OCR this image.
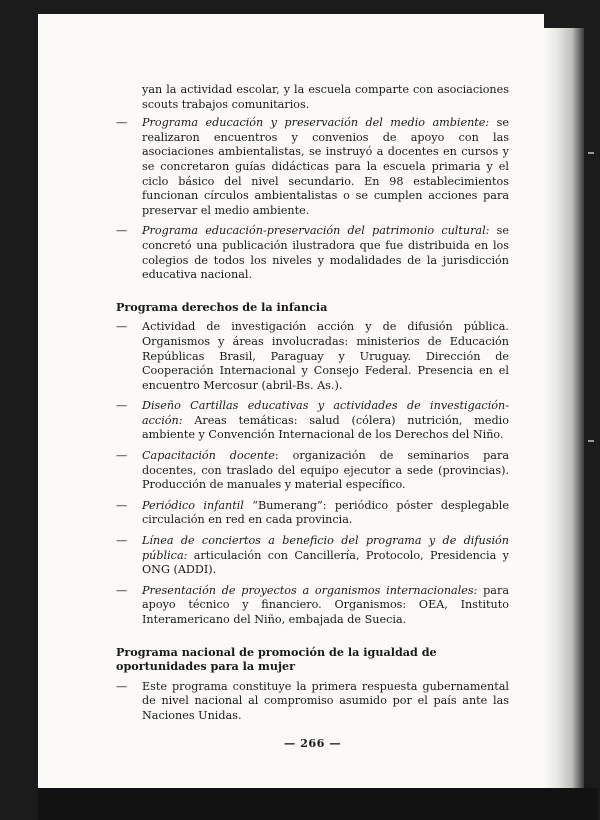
yan la actividad escolar, y la escuela comparte con asociaciones scouts trabajos comunitarios.

— Programa educación y preservación del medio ambiente: se realizaron encuentros y convenios de apoyo con las asociaciones ambientalistas, se instruyó a docentes en cursos y se concretaron guías didácticas para la escuela primaria y el ciclo básico del nivel secundario. En 98 establecimientos funcionan círculos ambientalistas o se cumplen acciones para preservar el medio ambiente.
— Programa educación-preservación del patrimonio cultural: se concretó una publicación ilustradora que fue distribuida en los colegios de todos los niveles y modalidades de la jurisdicción educativa nacional.
Programa derechos de la infancia
— Actividad de investigación acción y de difusión pública. Organismos y áreas involucradas: ministerios de Educación Repúblicas Brasil, Paraguay y Uruguay. Dirección de Cooperación Internacional y Consejo Federal. Presencia en el encuentro Mercosur (abril-Bs. As.).
— Diseño Cartillas educativas y actividades de investigación-acción: Areas temáticas: salud (cólera) nutrición, medio ambiente y Convención Internacional de los Derechos del Niño.
— Capacitación docente: organización de seminarios para docentes, con traslado del equipo ejecutor a sede (provincias). Producción de manuales y material específico.
— Periódico infantil “Bumerang”: periódico póster desplegable circulación en red en cada provincia.
— Línea de conciertos a beneficio del programa y de difusión pública: articulación con Cancillería, Protocolo, Presidencia y ONG (ADDI).
— Presentación de proyectos a organismos internacionales: para apoyo técnico y financiero. Organismos: OEA, Instituto Interamericano del Niño, embajada de Suecia.
Programa nacional de promoción de la igualdad de oportunidades para la mujer
— Este programa constituye la primera respuesta gubernamental de nivel nacional al compromiso asumido por el país ante las Naciones Unidas.
— 266 —
